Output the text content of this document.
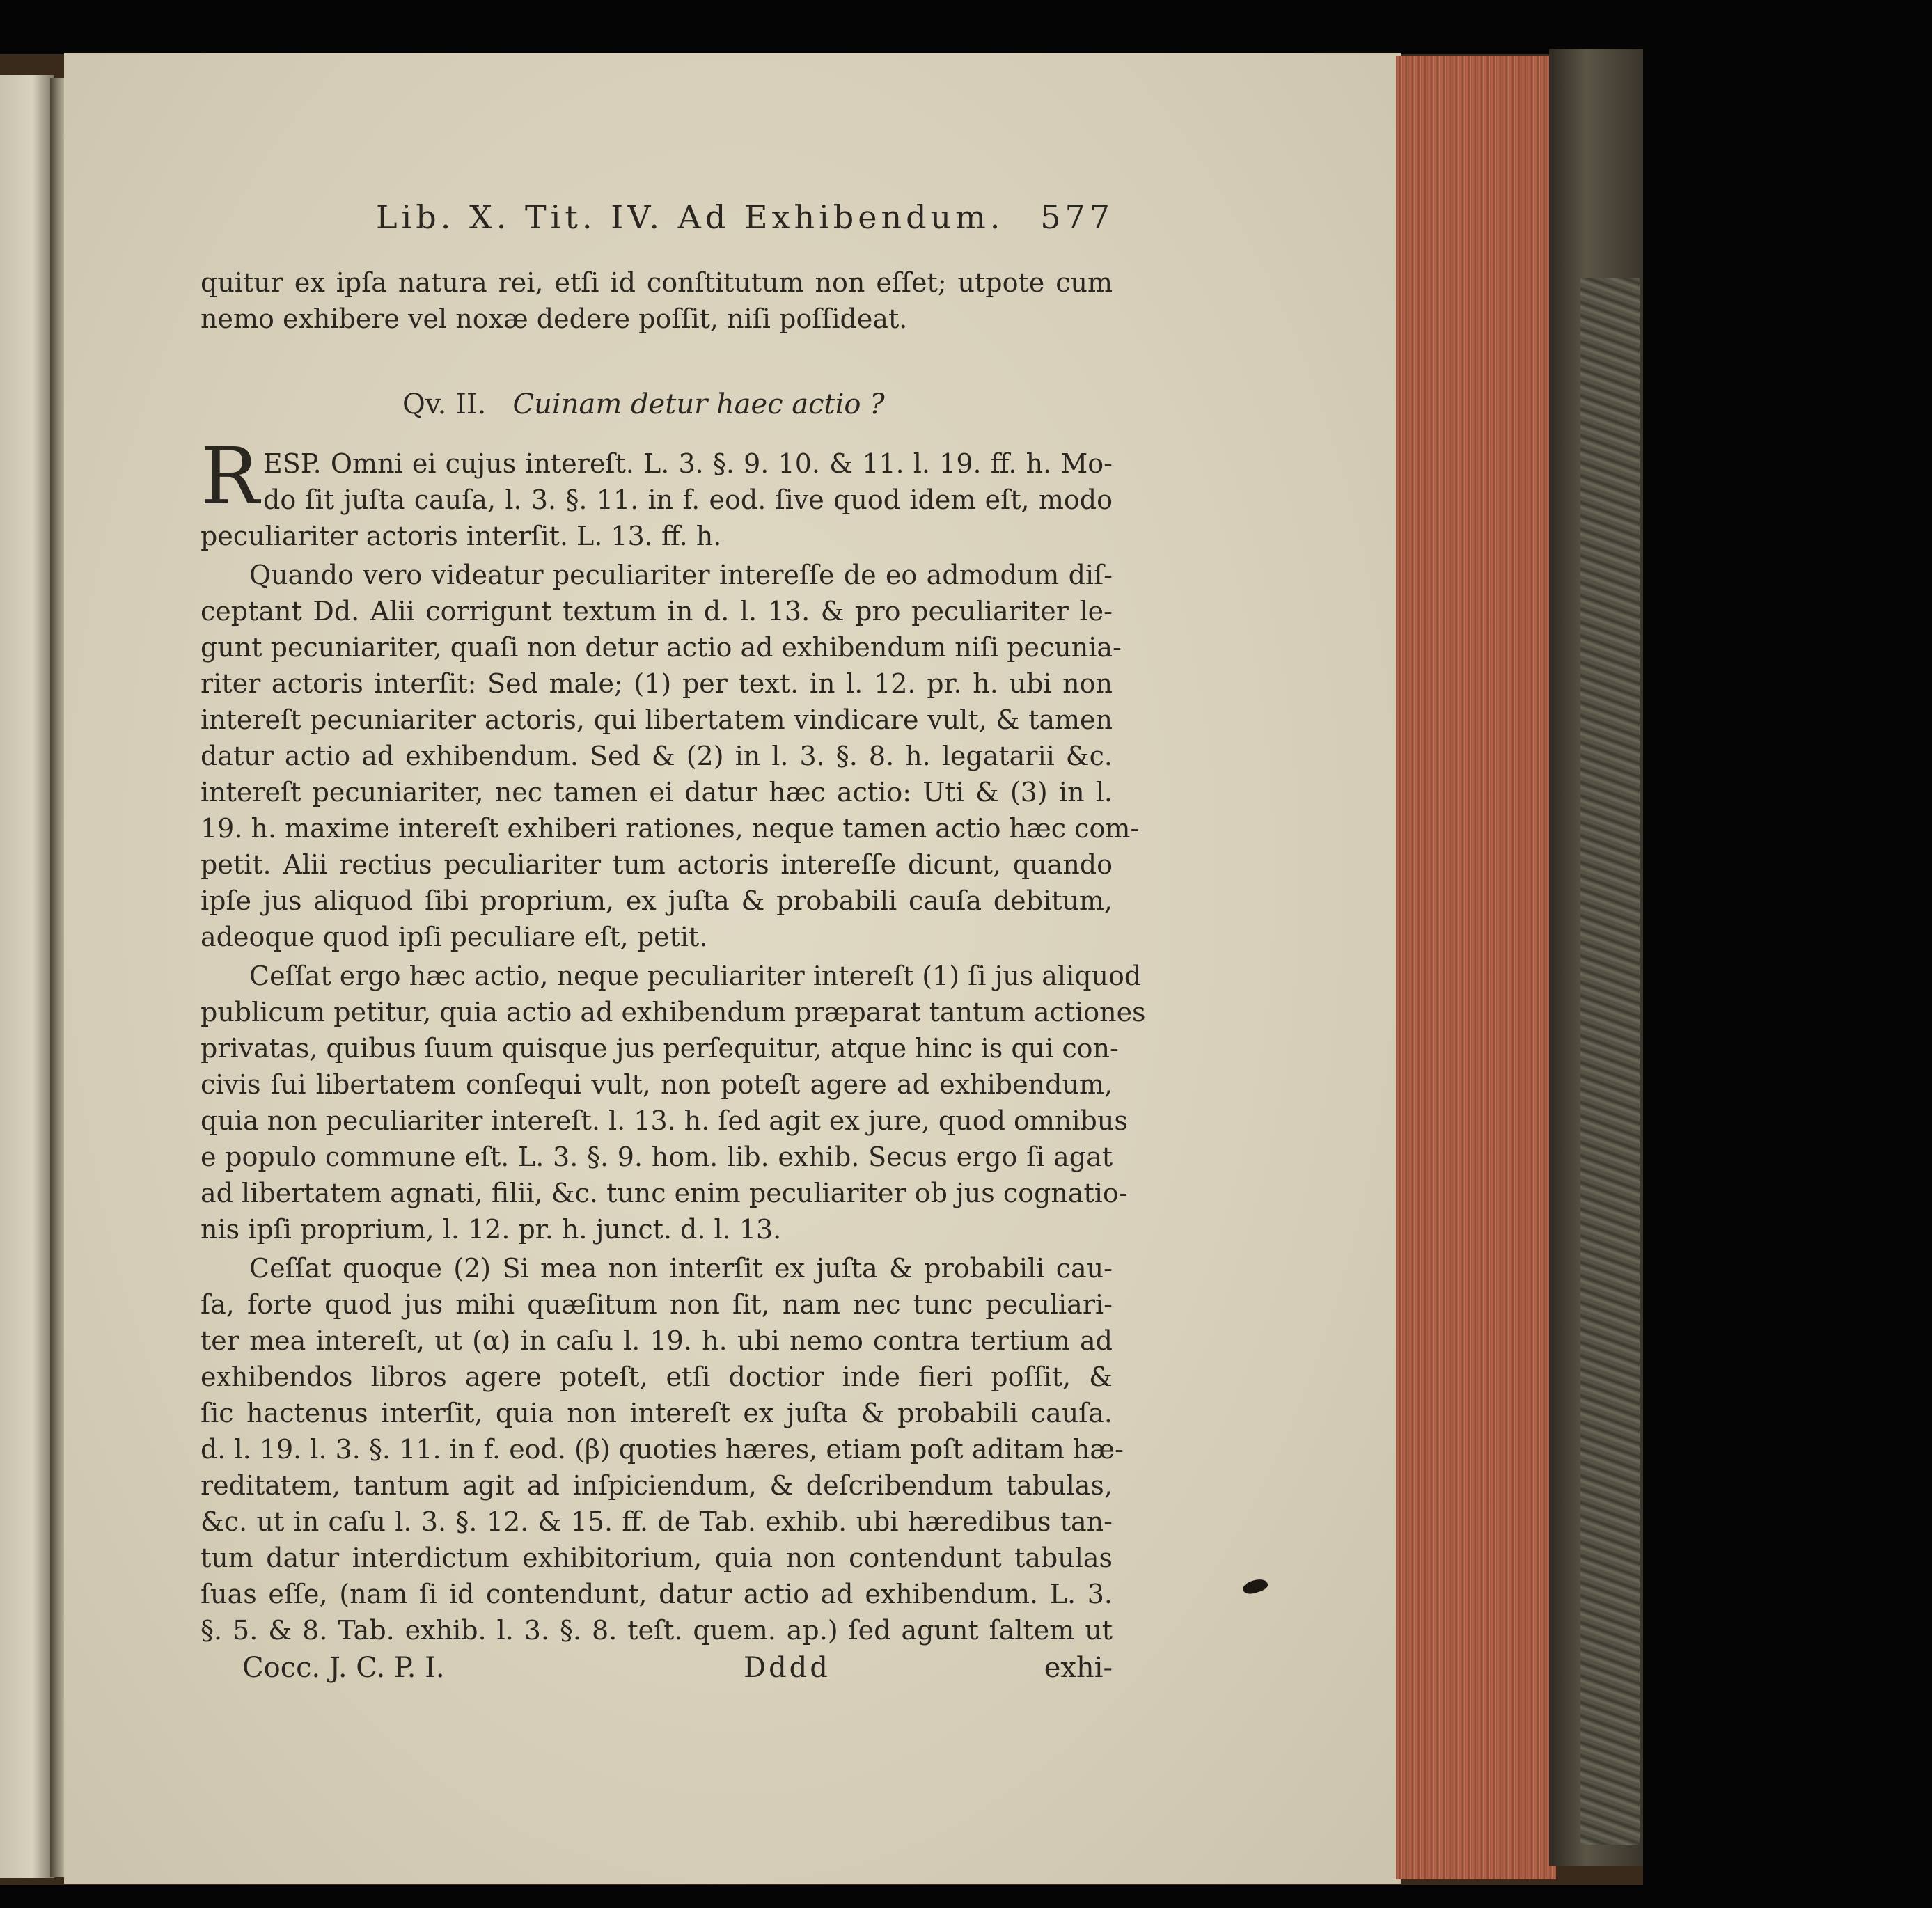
Lib. X. Tit. IV. Ad Exhibendum. 577
quitur ex ipſa natura rei, etſi id conſtitutum non eſſet; utpote cum
nemo exhibere vel noxæ dedere poſſit, niſi poſſideat.
Qv. II. Cuinam detur haec actio ?
R ESP. Omni ei cujus intereſt. L. 3. §. 9. 10. & 11. l. 19. ff. h. Mo-
do ſit juſta cauſa, l. 3. §. 11. in f. eod. ſive quod idem eſt, modo
peculiariter actoris interſit. L. 13. ff. h.
Quando vero videatur peculiariter intereſſe de eo admodum diſ-
ceptant Dd. Alii corrigunt textum in d. l. 13. & pro peculiariter le-
gunt pecuniariter, quaſi non detur actio ad exhibendum niſi pecunia-
riter actoris interſit: Sed male; (1) per text. in l. 12. pr. h. ubi non
intereſt pecuniariter actoris, qui libertatem vindicare vult, & tamen
datur actio ad exhibendum. Sed & (2) in l. 3. §. 8. h. legatarii &c.
intereſt pecuniariter, nec tamen ei datur hæc actio: Uti & (3) in l.
19. h. maxime intereſt exhiberi rationes, neque tamen actio hæc com-
petit. Alii rectius peculiariter tum actoris intereſſe dicunt, quando
ipſe jus aliquod ſibi proprium, ex juſta & probabili cauſa debitum,
adeoque quod ipſi peculiare eſt, petit.
Ceſſat ergo hæc actio, neque peculiariter intereſt (1) ſi jus aliquod
publicum petitur, quia actio ad exhibendum præparat tantum actiones
privatas, quibus ſuum quisque jus perſequitur, atque hinc is qui con-
civis ſui libertatem conſequi vult, non poteſt agere ad exhibendum,
quia non peculiariter intereſt. l. 13. h. ſed agit ex jure, quod omnibus
e populo commune eſt. L. 3. §. 9. hom. lib. exhib. Secus ergo ſi agat
ad libertatem agnati, filii, &c. tunc enim peculiariter ob jus cognatio-
nis ipſi proprium, l. 12. pr. h. junct. d. l. 13.
Ceſſat quoque (2) Si mea non interſit ex juſta & probabili cau-
ſa, forte quod jus mihi quæſitum non ſit, nam nec tunc peculiari-
ter mea intereſt, ut (α) in caſu l. 19. h. ubi nemo contra tertium ad
exhibendos libros agere poteſt, etſi doctior inde fieri poſſit, &
ſic hactenus interſit, quia non intereſt ex juſta & probabili cauſa.
d. l. 19. l. 3. §. 11. in f. eod. (β) quoties hæres, etiam poſt aditam hæ-
reditatem, tantum agit ad inſpiciendum, & deſcribendum tabulas,
&c. ut in caſu l. 3. §. 12. & 15. ff. de Tab. exhib. ubi hæredibus tan-
tum datur interdictum exhibitorium, quia non contendunt tabulas
ſuas eſſe, (nam ſi id contendunt, datur actio ad exhibendum. L. 3.
§. 5. & 8. Tab. exhib. l. 3. §. 8. teſt. quem. ap.) ſed agunt ſaltem ut
Cocc. J. C. P. I.	Dddd	exhi-
